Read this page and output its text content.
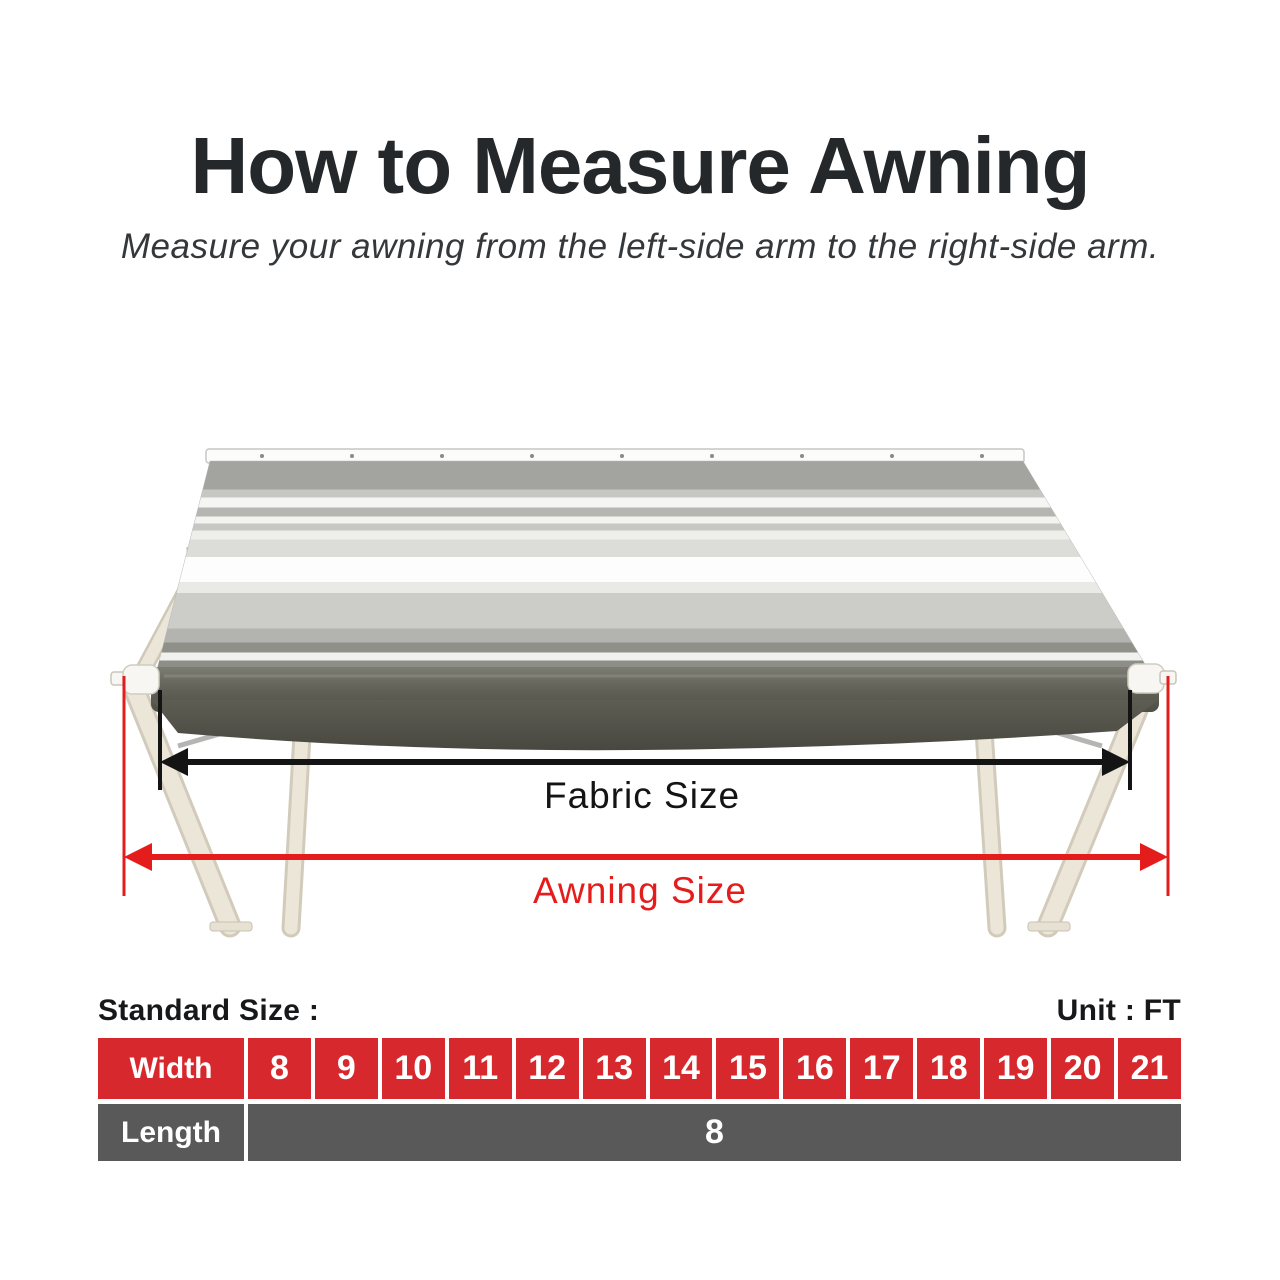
How to Measure Awning
Measure your awning from the left-side arm to the right-side arm.
Fabric Size
Awning Size
Standard Size :	Unit : FT
Width	8	9	10 11 12 13 14 15 16 17 18 19 20 21
Length	8
